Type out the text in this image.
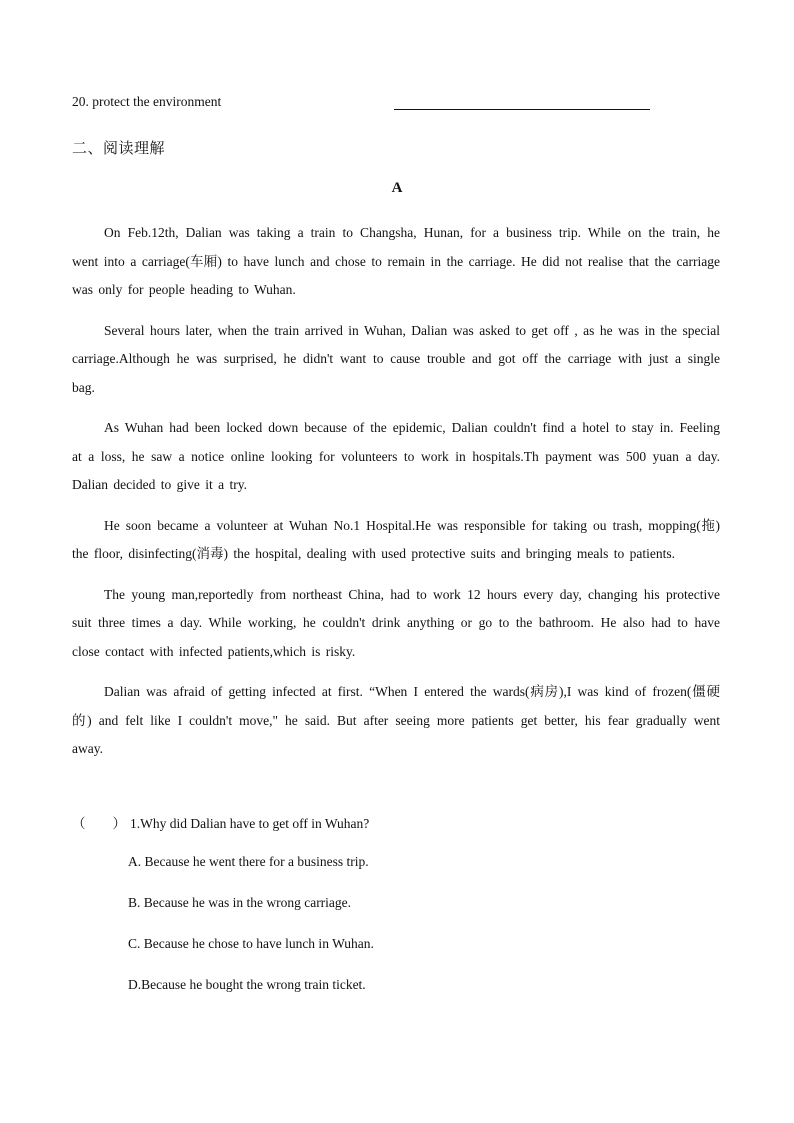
20. protect the environment
二、阅读理解
A

On Feb.12th, Dalian was taking a train to Changsha, Hunan, for a business trip. While on the train, he went into a carriage(车厢) to have lunch and chose to remain in the carriage. He did not realise that the carriage was only for people heading to Wuhan.

Several hours later, when the train arrived in Wuhan, Dalian was asked to get off , as he was in the special carriage.Although he was surprised, he didn't want to cause trouble and got off the carriage with just a single bag.

As Wuhan had been locked down because of the epidemic, Dalian couldn't find a hotel to stay in. Feeling at a loss, he saw a notice online looking for volunteers to work in hospitals.Th payment was 500 yuan a day. Dalian decided to give it a try.

He soon became a volunteer at Wuhan No.1 Hospital.He was responsible for taking ou trash, mopping(拖) the floor, disinfecting(消毒) the hospital, dealing with used protective suits and bringing meals to patients.

The young man,reportedly from northeast China, had to work 12 hours every day, changing his protective suit three times a day. While working, he couldn't drink anything or go to the bathroom. He also had to have close contact with infected patients,which is risky.

Dalian was afraid of getting infected at first. “When I entered the wards(病房),I was kind of frozen(僵硬的) and felt like I couldn't move," he said. But after seeing more patients get better, his fear gradually went away.

（　　） 1.Why did Dalian have to get off in Wuhan?
A. Because he went there for a business trip.
B. Because he was in the wrong carriage.
C. Because he chose to have lunch in Wuhan.
D.Because he bought the wrong train ticket.
